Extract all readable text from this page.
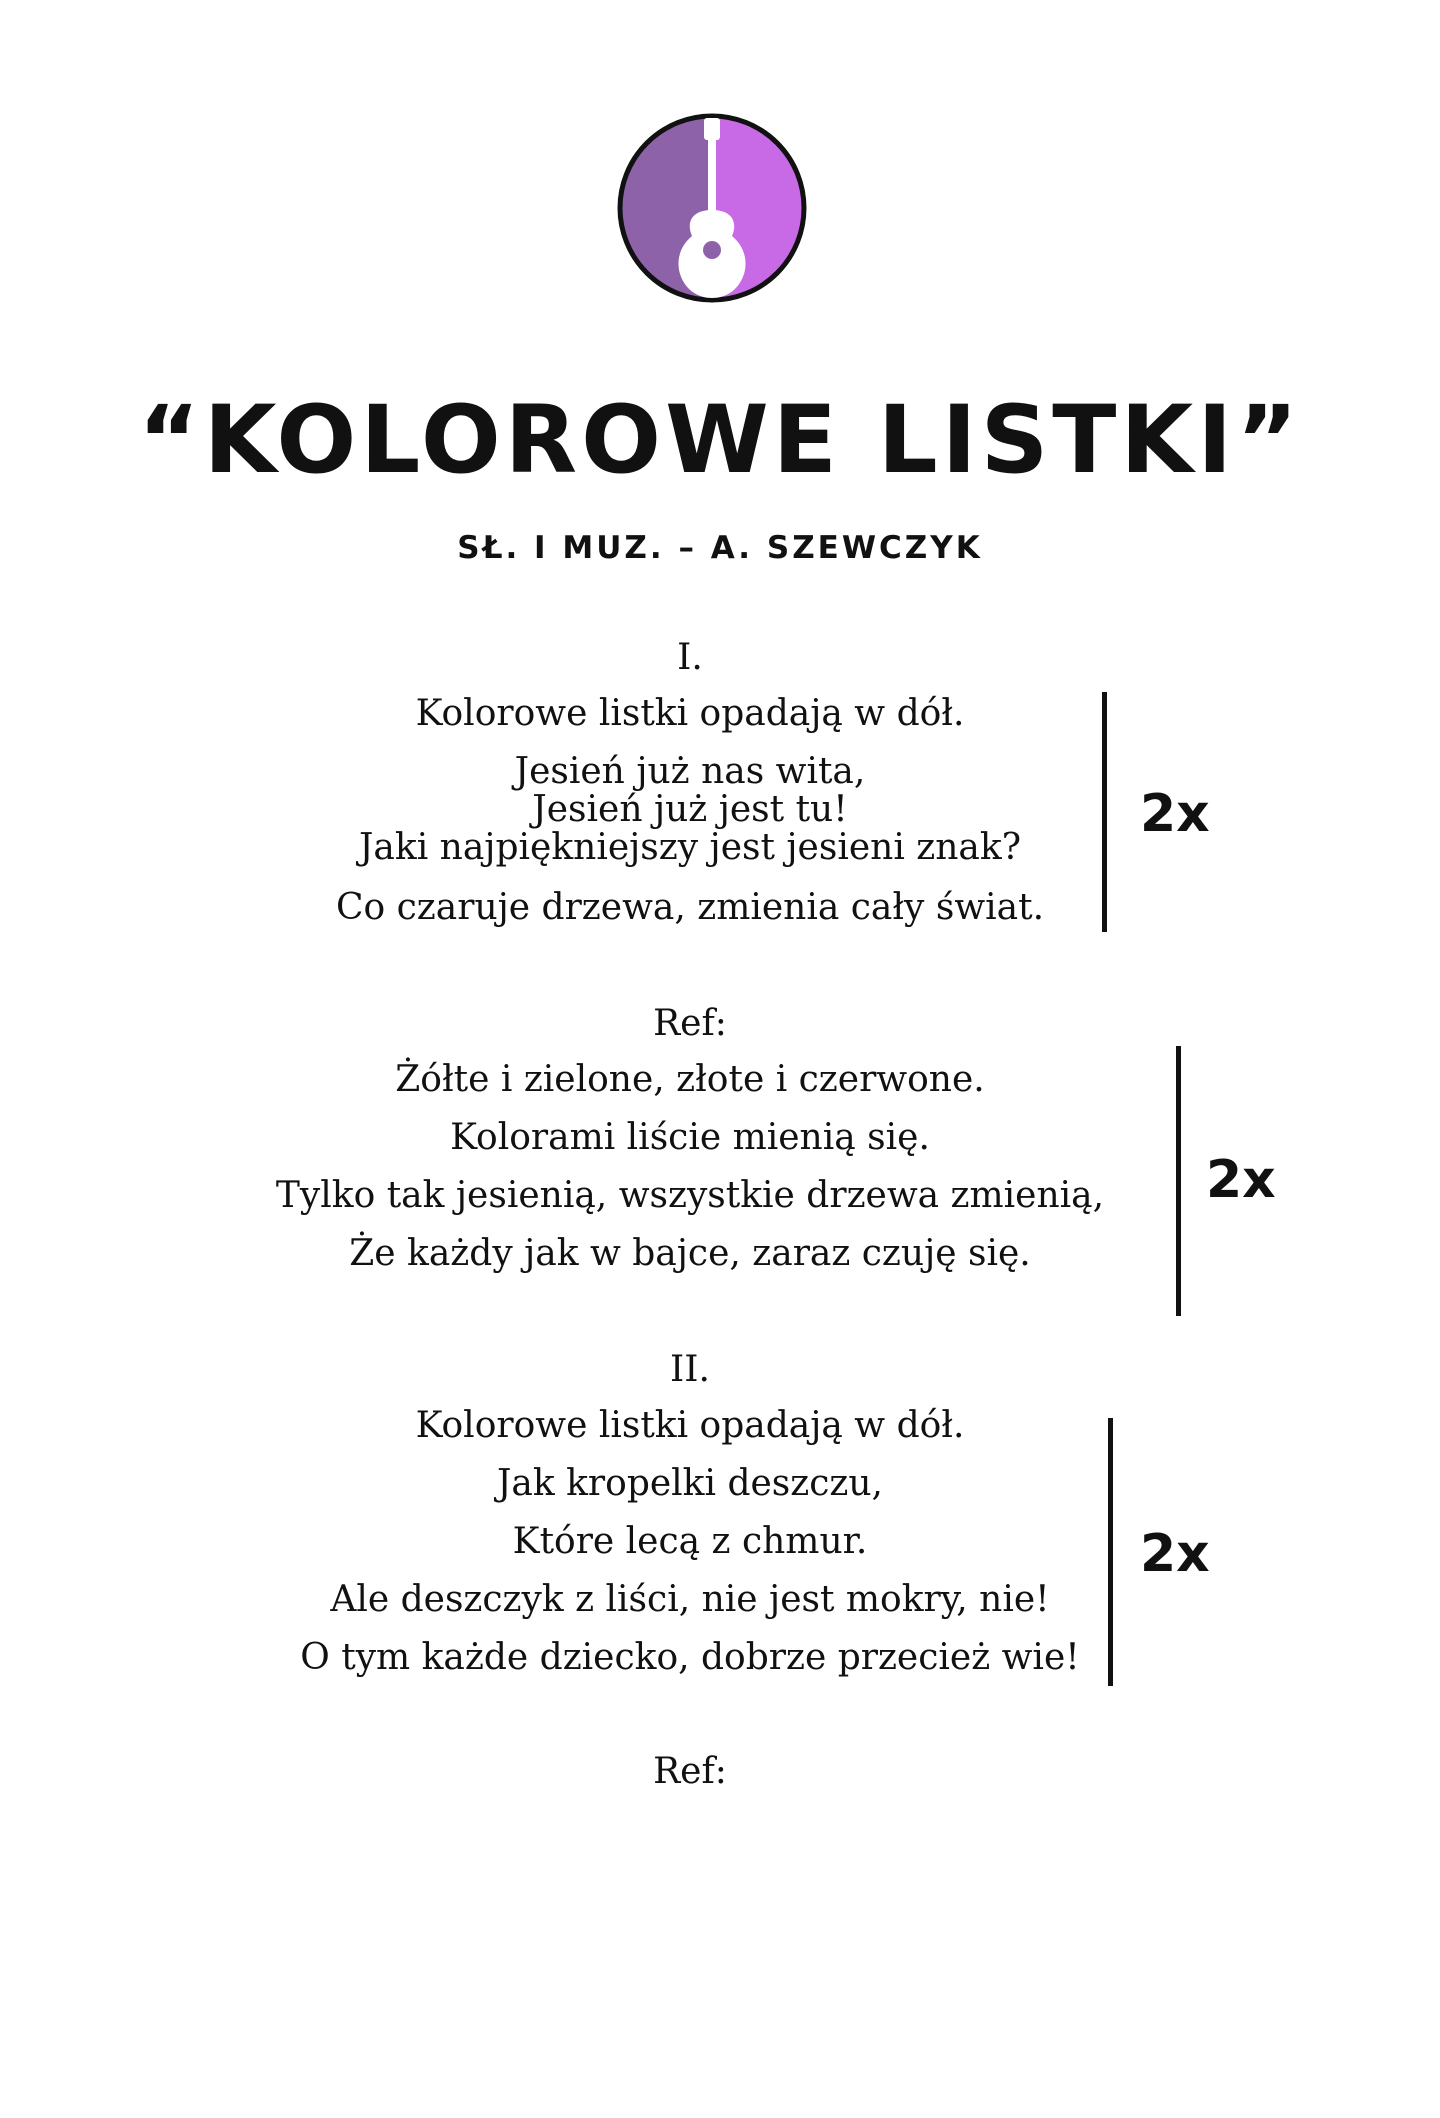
“KOLOROWE LISTKI”
SŁ. I MUZ. – A. SZEWCZYK
I.
Kolorowe listki opadają w dół.
Jesień już nas wita,
Jesień już jest tu!
Jaki najpiękniejszy jest jesieni znak?
Co czaruje drzewa, zmienia cały świat.
2x
Ref:
Żółte i zielone, złote i czerwone.
Kolorami liście mienią się.
Tylko tak jesienią, wszystkie drzewa zmienią,
Że każdy jak w bajce, zaraz czuję się.
2x
II.
Kolorowe listki opadają w dół.
Jak kropelki deszczu,
Które lecą z chmur.
Ale deszczyk z liści, nie jest mokry, nie!
O tym każde dziecko, dobrze przecież wie!
2x
Ref:
